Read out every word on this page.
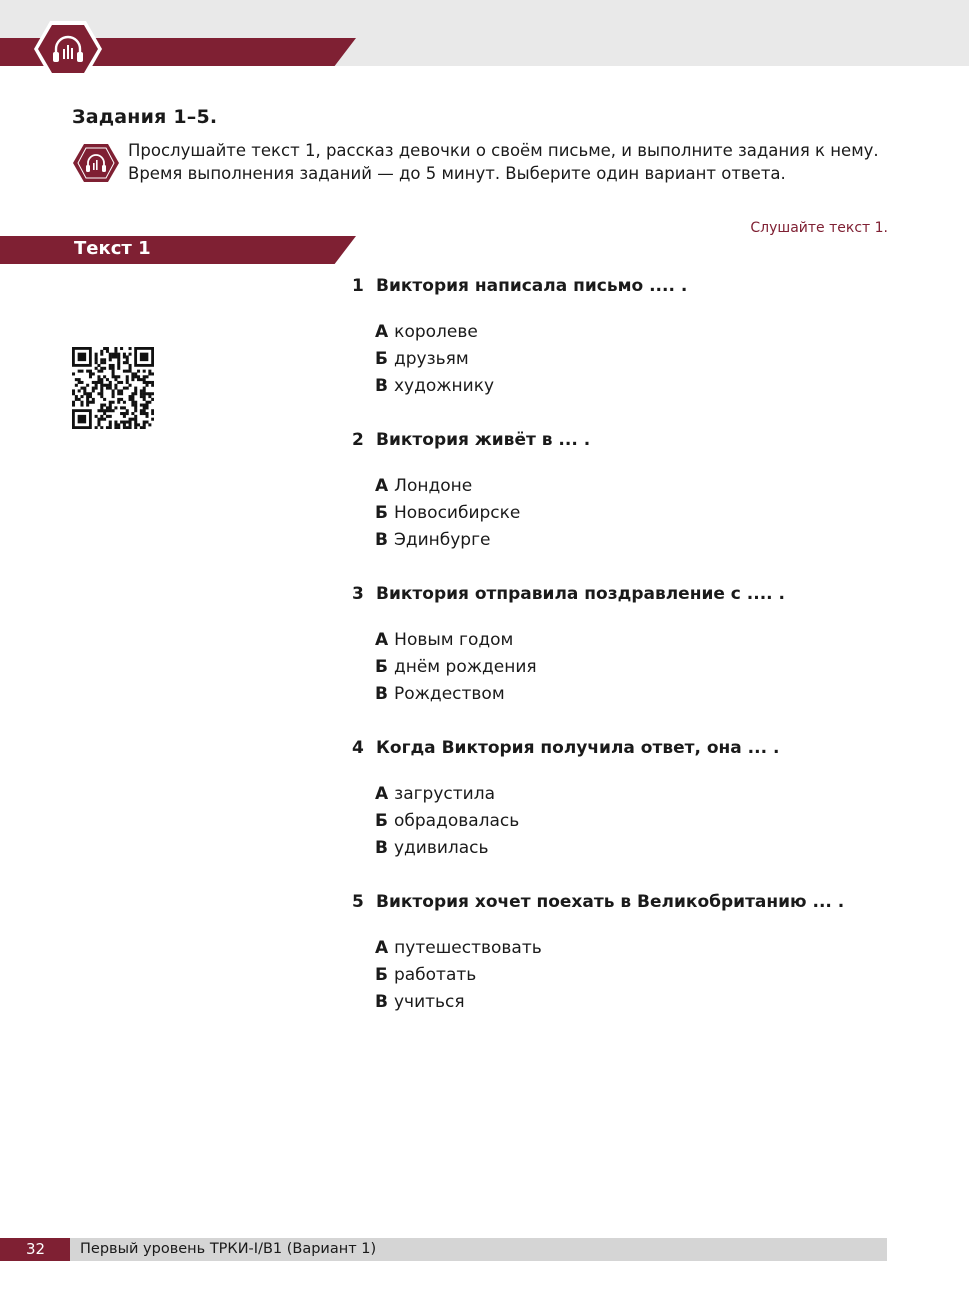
Задания 1–5.
Прослушайте текст 1, рассказ девочки о своём письме, и выполните задания к нему.
Время выполнения заданий — до 5 минут. Выберите один вариант ответа.
Слушайте текст 1.
Текст 1
1 Виктория написала письмо .... .
А королеве
Б друзьям
В художнику
2 Виктория живёт в ... .
А Лондоне
Б Новосибирске
В Эдинбурге
3 Виктория отправила поздравление с .... .
А Новым годом
Б днём рождения
В Рождеством
4 Когда Виктория получила ответ, она ... .
А загрустила
Б обрадовалась
В удивилась
5 Виктория хочет поехать в Великобританию ... .
А путешествовать
Б работать
В учиться
32	Первый уровень ТРКИ-I/B1 (Вариант 1)
